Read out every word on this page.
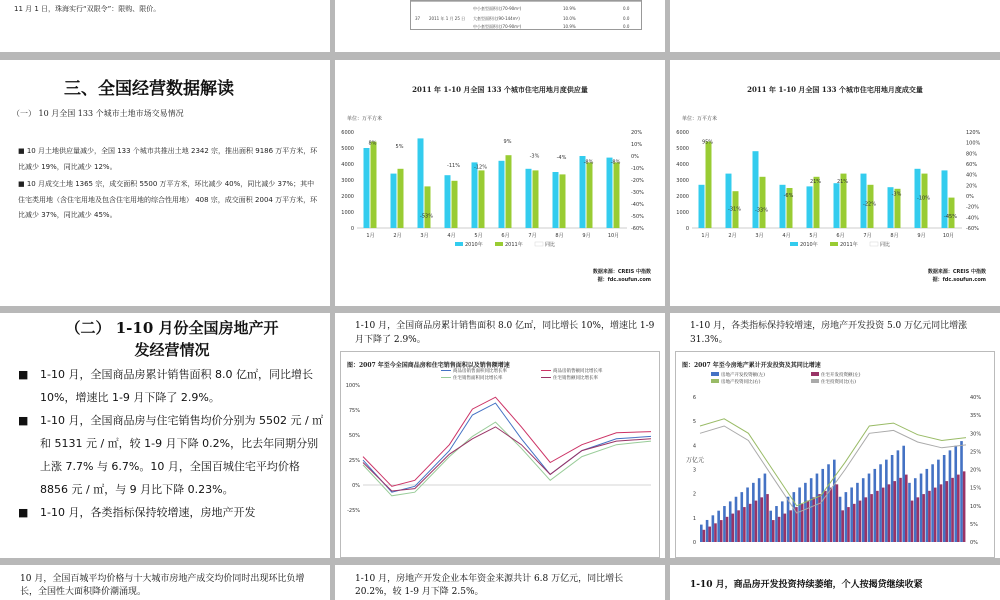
11 月 1 日，珠海实行“双限令”：限购、限价。	中小套型面积比(70-90m²)	10.9%	0.0
37 2011 年 1 月 25 日 大套型面积比(90-144m²)	10.0%	0.0
中小套型面积比(70-90m²)	10.9%	0.0
三、全国经营数据解读
（一） 10 月全国 133 个城市土地市场交易情况

■ 10 月土地供应量减少，全国 133 个城市共推出土地 2342 宗，推出面积 9186 万平方米，环比减少 19%，同比减少 12%。

■ 10 月成交土地 1365 宗，成交面积 5500 万平方米，环比减少 40%，同比减少 37%；其中住宅类用地（含住宅用地及包含住宅用地的综合性用地） 408 宗，成交面积 2004 万平方米，环比减少 37%，同比减少 45%。

2011 年 1-10 月全国 133 个城市住宅用地月度供应量
单位：万平方米
6000
5000
4000
3000
2000
1000
0
20%
10%
0%
-10%
-20%
-30%
-40%
-50%
-60%
1月
8%
2月
5%
3月
-53%
4月
-11%
5月
-12%
6月
9%
7月
-3%
8月
-4%
9月
-8%
10月
-8%
2010年	2011年	同比
数据来源：CREIS 中指数
据：fdc.soufun.com
2011 年 1-10 月全国 133 个城市住宅用地月度成交量
单位：万平方米
6000
5000
4000
3000
2000
1000
0
120%
100%
80%
60%
40%
20%
0%
-20%
-40%
-60%
1月
95%
2月
-31%
3月
-33%
4月
-6%
5月
21%
6月
21%
7月
-22%
8月
-3%
9月
-10%
10月
-45%
2010年	2011年	同比
数据来源：CREIS 中指数
据：fdc.soufun.com
（二） 1-10 月份全国房地产开
发经营情况

■ 1-10 月，全国商品房累计销售面积 8.0 亿㎡，同比增长 10%，增速比 1-9 月下降了 2.9%。

■ 1-10 月，全国商品房与住宅销售均价分别为 5502 元 / ㎡和 5131 元 / ㎡，较 1-9 月下降 0.2%，比去年同期分别上涨 7.7% 与 6.7%。10 月，全国百城住宅平均价格 8856 元 / ㎡，与 9 月比下降 0.23%。

■ 1-10 月，各类指标保持较增速，房地产开发

1-10 月，全国商品房累计销售面积 8.0 亿㎡，同比增长 10%，增速比 1-9 月下降了 2.9%。
图：2007 年至今全国商品房和住宅销售面积以及销售额增速
100%
75%
50%
25%
0%
-25%
商品房销售面积同比增长率	商品房销售额同比增长率
住宅销售面积同比增长率	住宅销售额同比增长率
1-10 月，各类指标保持较增速，房地产开发投资 5.0 万亿元同比增涨 31.3%。
图：2007 年至今房地产累计开发投资及其同比增速
6
5
4
3
2
1
0
40%
35%
30%
25%
20%
15%
10%
5%
0%
万亿元
房地产开发投资额(左)	住宅开发投资额(左)
房地产投资同比(右)	住宅投资同比(右)
10 月，全国百城平均价格与十大城市房地产成交均价同时出现环比负增长，全国性大面积降价潮涌现。
1-10 月，房地产开发企业本年资金来源共计 6.8 万亿元，同比增长 20.2%，较 1-9 月下降 2.5%。
1-10 月，商品房开发投资持续萎缩，个人按揭贷继续收紧
